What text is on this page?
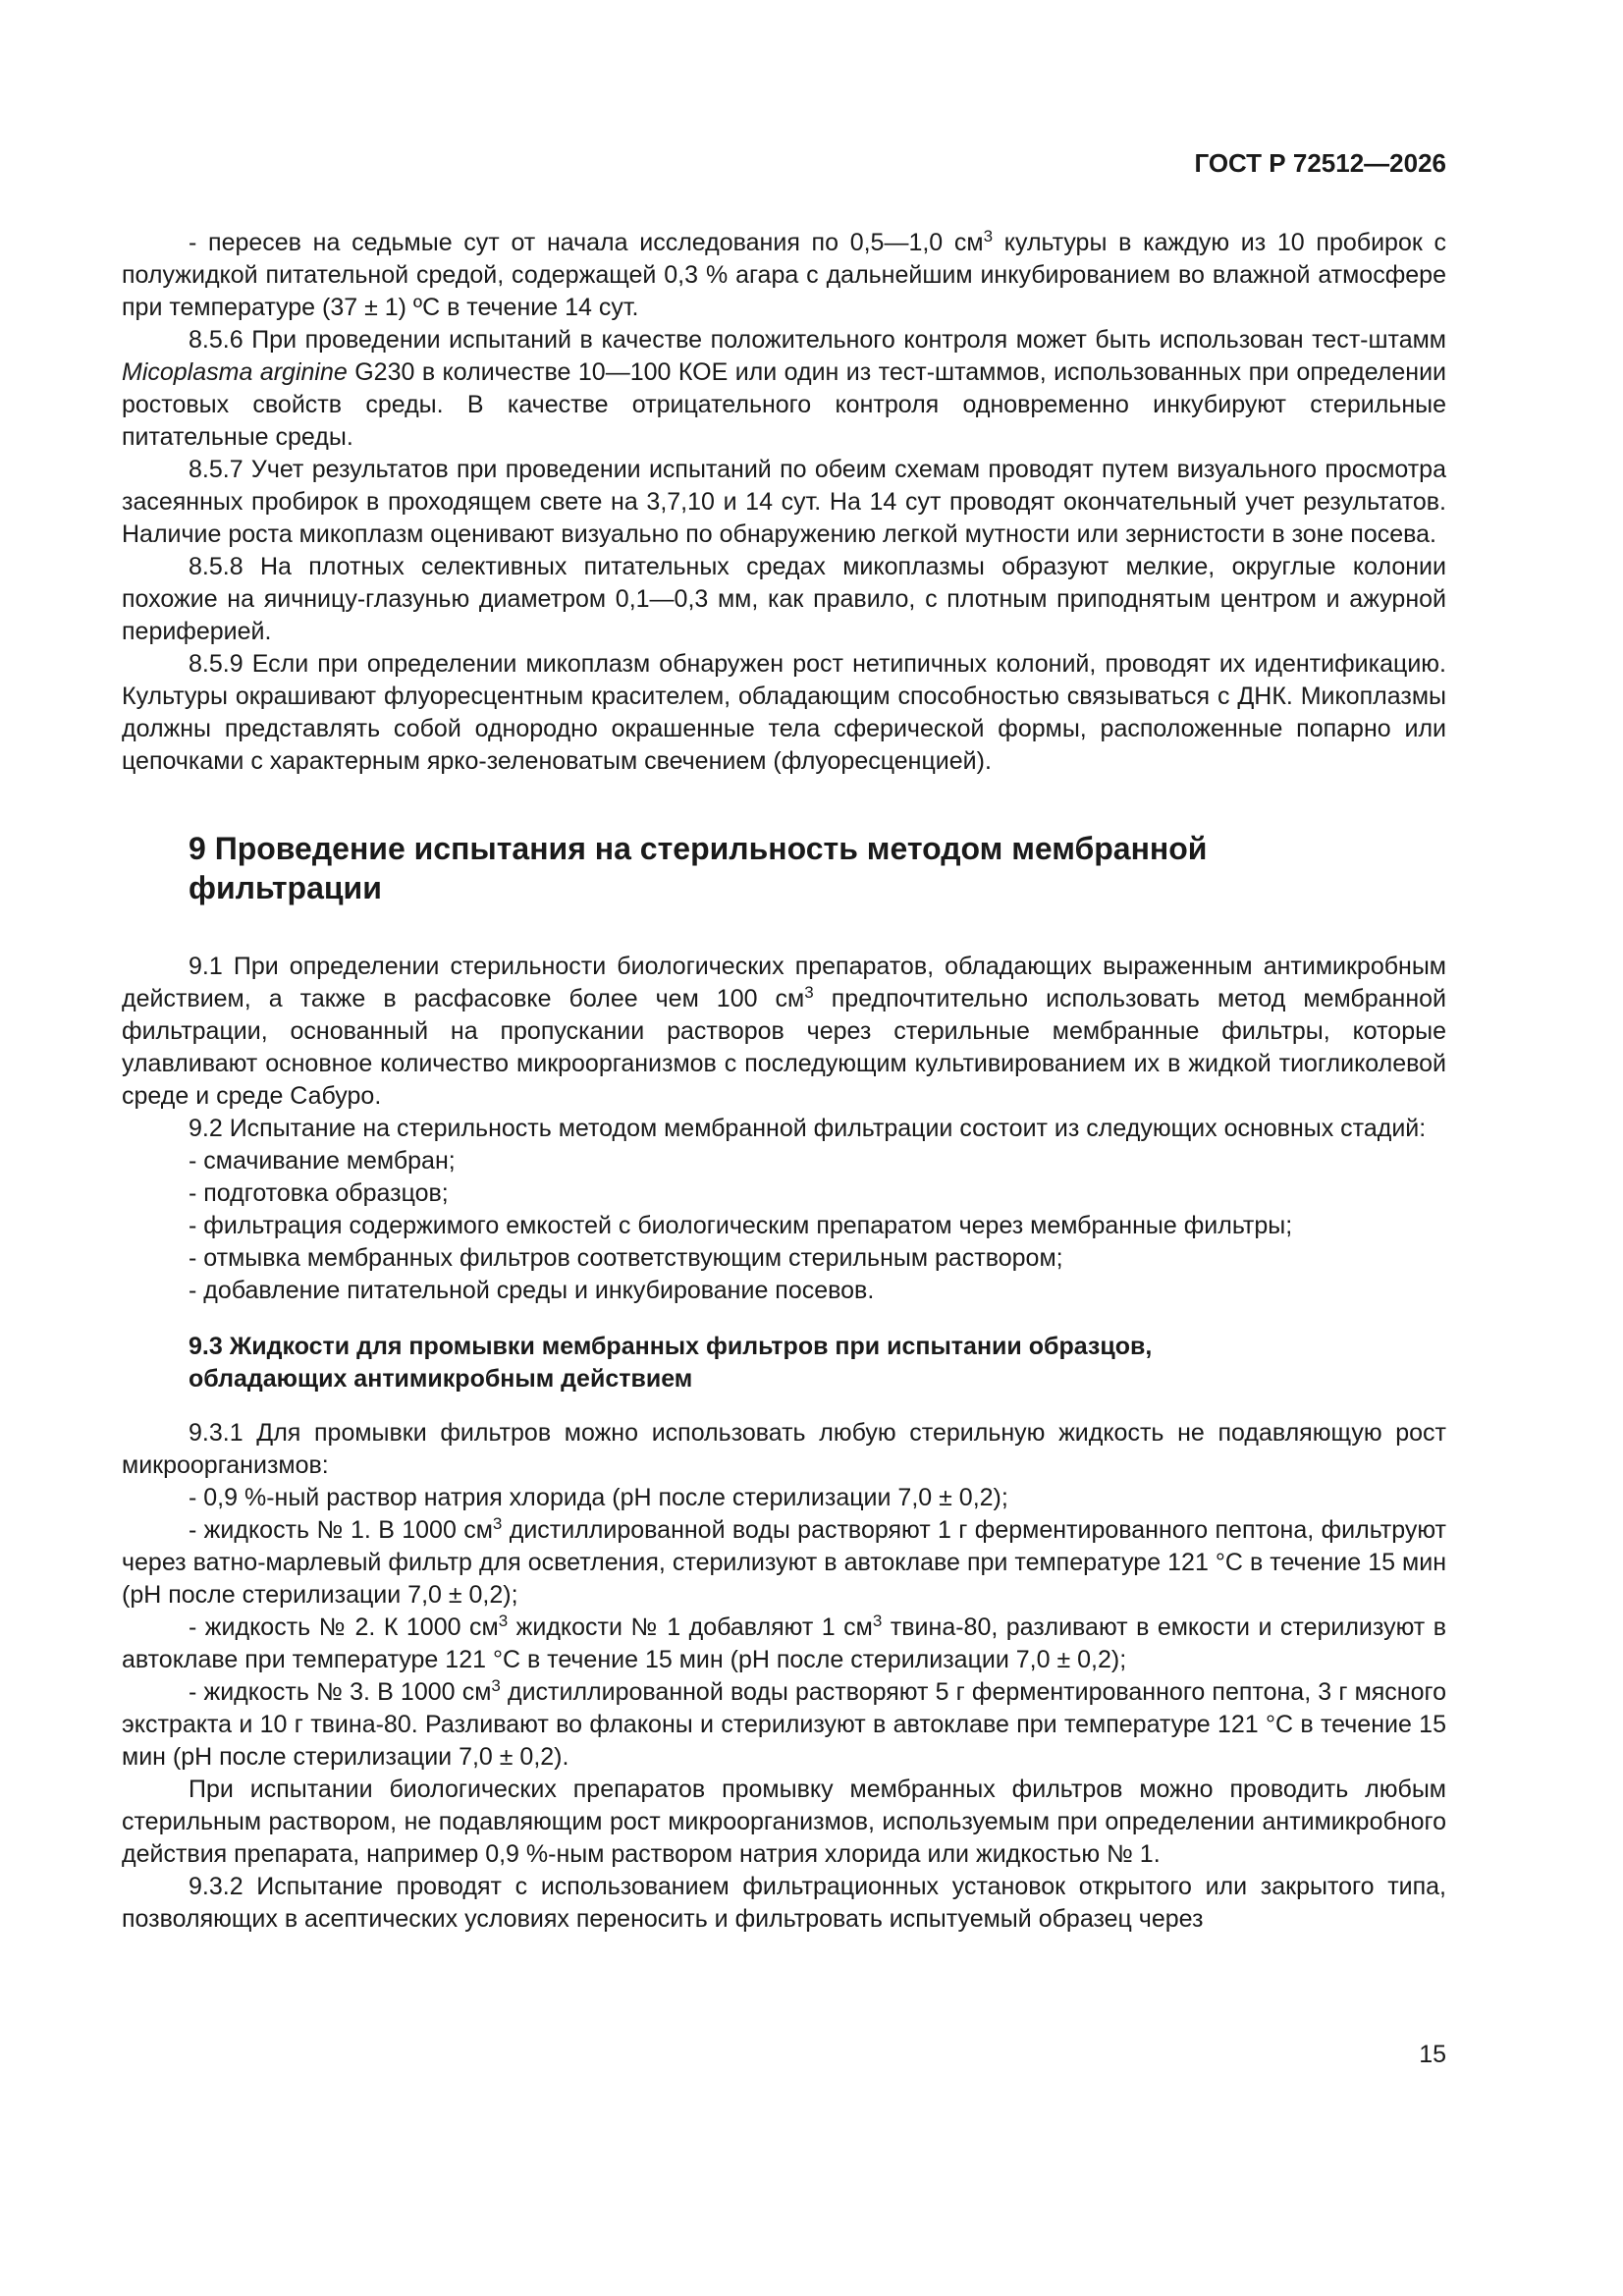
ГОСТ Р 72512—2026

- пересев на седьмые сут от начала исследования по 0,5—1,0 $см^3$ культуры в каждую из 10 пробирок с полужидкой питательной средой, содержащей 0,3 % агара с дальнейшим инкубированием во влажной атмосфере при температуре (37 ± 1) ºС в течение 14 сут.

8.5.6 При проведении испытаний в качестве положительного контроля может быть использован тест-штамм Micoplasma arginine G230 в количестве 10—100 КОЕ или один из тест-штаммов, использованных при определении ростовых свойств среды. В качестве отрицательного контроля одновременно инкубируют стерильные питательные среды.

8.5.7 Учет результатов при проведении испытаний по обеим схемам проводят путем визуального просмотра засеянных пробирок в проходящем свете на 3,7,10 и 14 сут. На 14 сут проводят окончательный учет результатов. Наличие роста микоплазм оценивают визуально по обнаружению легкой мутности или зернистости в зоне посева.

8.5.8 На плотных селективных питательных средах микоплазмы образуют мелкие, округлые колонии похожие на яичницу-глазунью диаметром 0,1—0,3 мм, как правило, с плотным приподнятым центром и ажурной периферией.

8.5.9 Если при определении микоплазм обнаружен рост нетипичных колоний, проводят их идентификацию. Культуры окрашивают флуоресцентным красителем, обладающим способностью связываться с ДНК. Микоплазмы должны представлять собой однородно окрашенные тела сферической формы, расположенные попарно или цепочками с характерным ярко-зеленоватым свечением (флуоресценцией).

9 Проведение испытания на стерильность методом мембранной
фильтрации

9.1 При определении стерильности биологических препаратов, обладающих выраженным антимикробным действием, а также в расфасовке более чем 100 $см^3$ предпочтительно использовать метод мембранной фильтрации, основанный на пропускании растворов через стерильные мембранные фильтры, которые улавливают основное количество микроорганизмов с последующим культивированием их в жидкой тиогликолевой среде и среде Сабуро.

9.2 Испытание на стерильность методом мембранной фильтрации состоит из следующих основных стадий:

- смачивание мембран;

- подготовка образцов;

- фильтрация содержимого емкостей с биологическим препаратом через мембранные фильтры;

- отмывка мембранных фильтров соответствующим стерильным раствором;

- добавление питательной среды и инкубирование посевов.

9.3 Жидкости для промывки мембранных фильтров при испытании образцов,
обладающих антимикробным действием

9.3.1 Для промывки фильтров можно использовать любую стерильную жидкость не подавляющую рост микроорганизмов:

- 0,9 %-ный раствор натрия хлорида (pH после стерилизации 7,0 ± 0,2);

- жидкость № 1. В 1000 $см^3$ дистиллированной воды растворяют 1 г ферментированного пептона, фильтруют через ватно-марлевый фильтр для осветления, стерилизуют в автоклаве при температуре 121 °С в течение 15 мин (pH после стерилизации 7,0 ± 0,2);

- жидкость № 2. К 1000 $см^3$ жидкости № 1 добавляют 1 $см^3$ твина-80, разливают в емкости и стерилизуют в автоклаве при температуре 121 °С в течение 15 мин (pH после стерилизации 7,0 ± 0,2);

- жидкость № 3. В 1000 $см^3$ дистиллированной воды растворяют 5 г ферментированного пептона, 3 г мясного экстракта и 10 г твина-80. Разливают во флаконы и стерилизуют в автоклаве при температуре 121 °С в течение 15 мин (pH после стерилизации 7,0 ± 0,2).

При испытании биологических препаратов промывку мембранных фильтров можно проводить любым стерильным раствором, не подавляющим рост микроорганизмов, используемым при определении антимикробного действия препарата, например 0,9 %-ным раствором натрия хлорида или жидкостью № 1.

9.3.2 Испытание проводят с использованием фильтрационных установок открытого или закрытого типа, позволяющих в асептических условиях переносить и фильтровать испытуемый образец через

15
